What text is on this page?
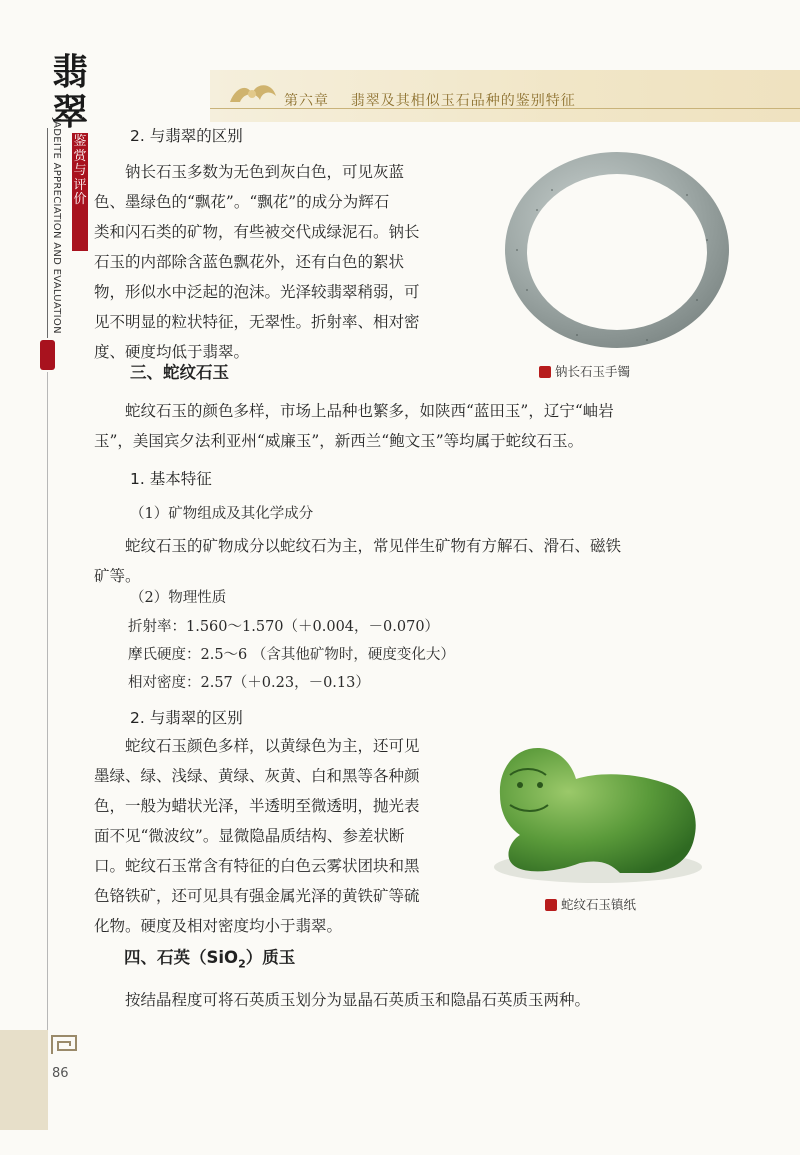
翡翠
JADEITE APPRECIATION AND EVALUATION 鉴赏与评价
第六章    翡翠及其相似玉石品种的鉴别特征
2. 与翡翠的区别
钠长石玉多数为无色到灰白色，可见灰蓝
色、墨绿色的“飘花”。“飘花”的成分为辉石
类和闪石类的矿物，有些被交代成绿泥石。钠长
石玉的内部除含蓝色飘花外，还有白色的絮状
物，形似水中泛起的泡沫。光泽较翡翠稍弱，可
见不明显的粒状特征，无翠性。折射率、相对密
度、硬度均低于翡翠。
钠长石玉手镯
三、蛇纹石玉
蛇纹石玉的颜色多样，市场上品种也繁多，如陕西“蓝田玉”，辽宁“岫岩
玉”，美国宾夕法利亚州“威廉玉”，新西兰“鲍文玉”等均属于蛇纹石玉。
1. 基本特征
（1）矿物组成及其化学成分
蛇纹石玉的矿物成分以蛇纹石为主，常见伴生矿物有方解石、滑石、磁铁
矿等。
（2）物理性质
折射率：1.560～1.570（＋0.004，－0.070）
摩氏硬度：2.5～6 （含其他矿物时，硬度变化大）
相对密度：2.57（＋0.23，－0.13）
2. 与翡翠的区别
蛇纹石玉颜色多样，以黄绿色为主，还可见
墨绿、绿、浅绿、黄绿、灰黄、白和黑等各种颜
色，一般为蜡状光泽，半透明至微透明，抛光表
面不见“微波纹”。显微隐晶质结构、参差状断
口。蛇纹石玉常含有特征的白色云雾状团块和黑
色铬铁矿，还可见具有强金属光泽的黄铁矿等硫
化物。硬度及相对密度均小于翡翠。
蛇纹石玉镇纸
四、石英（SiO$_2$）质玉
按结晶程度可将石英质玉划分为显晶石英质玉和隐晶石英质玉两种。
86
